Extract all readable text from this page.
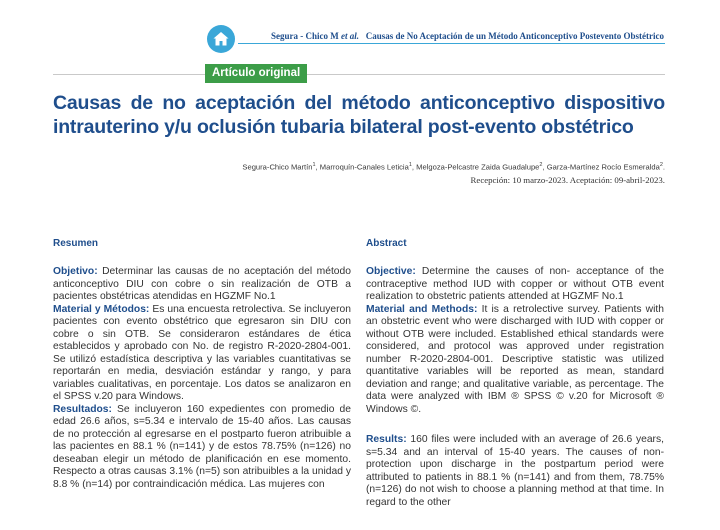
Segura - Chico M et al. Causas de No Aceptación de un Método Anticonceptivo Postevento Obstétrico
Artículo original
Causas de no aceptación del método anticonceptivo dispositivo intrauterino y/u oclusión tubaria bilateral post-evento obstétrico
Segura-Chico Martín$^1$, Marroquín-Canales Leticia$^1$, Melgoza-Pelcastre Zaida Guadalupe$^2$, Garza-Martínez Rocío Esmeralda$^2$.
Recepción: 10 marzo-2023. Aceptación: 09-abril-2023.
Resumen

Objetivo: Determinar las causas de no aceptación del método anticonceptivo DIU con cobre o sin realización de OTB a pacientes obstétricas atendidas en HGZMF No.1

Material y Métodos: Es una encuesta retrolectiva. Se incluyeron pacientes con evento obstétrico que egresaron sin DIU con cobre o sin OTB. Se consideraron estándares de ética establecidos y aprobado con No. de registro R-2020-2804-001. Se utilizó estadística descriptiva y las variables cuantitativas se reportarán en media, desviación estándar y rango, y para variables cualitativas, en porcentaje. Los datos se analizaron en el SPSS v.20 para Windows.

Resultados: Se incluyeron 160 expedientes con promedio de edad 26.6 años, s=5.34 e intervalo de 15-40 años. Las causas de no protección al egresarse en el postparto fueron atribuible a las pacientes en 88.1 % (n=141) y de estos 78.75% (n=126) no deseaban elegir un método de planificación en ese momento. Respecto a otras causas 3.1% (n=5) son atribuibles a la unidad y 8.8 % (n=14) por contraindicación médica. Las mujeres con

Abstract

Objective: Determine the causes of non- acceptance of the contraceptive method IUD with copper or without OTB event realization to obstetric patients attended at HGZMF No.1

Material and Methods: It is a retrolective survey. Patients with an obstetric event who were discharged with IUD with copper or without OTB were included. Established ethical standards were considered, and protocol was approved under registration number R-2020-2804-001. Descriptive statistic was utilized quantitative variables will be reported as mean, standard deviation and range; and qualitative variable, as percentage. The data were analyzed with IBM ® SPSS © v.20 for Microsoft ® Windows ©.

Results: 160 files were included with an average of 26.6 years, s=5.34 and an interval of 15-40 years. The causes of non-protection upon discharge in the postpartum period were attributed to patients in 88.1 % (n=141) and from them, 78.75% (n=126) do not wish to choose a planning method at that time. In regard to the other
